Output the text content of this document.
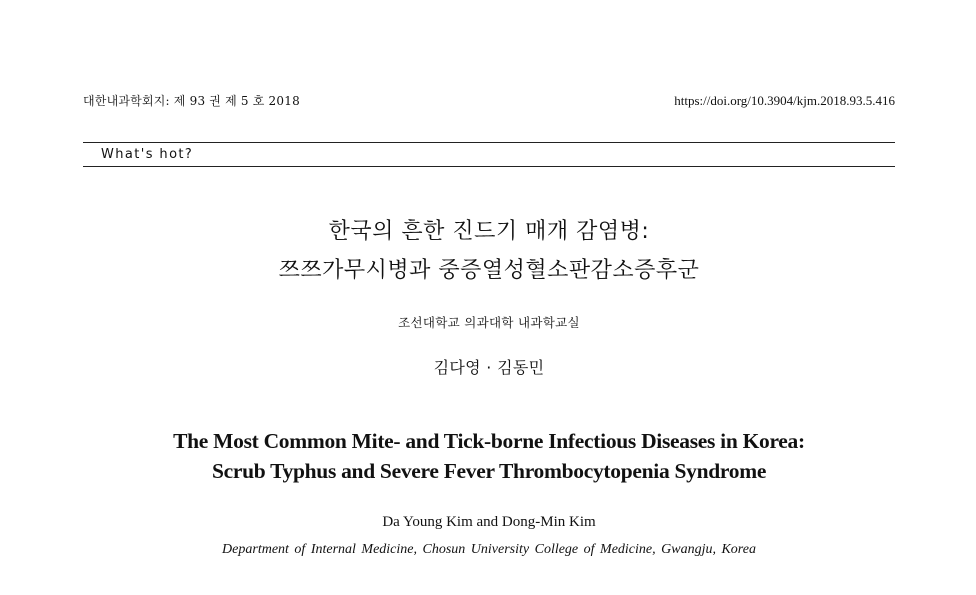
대한내과학회지: 제 93 권 제 5 호 2018	https://doi.org/10.3904/kjm.2018.93.5.416
What's hot?
한국의 흔한 진드기 매개 감염병:
쯔쯔가무시병과 중증열성혈소판감소증후군
조선대학교 의과대학 내과학교실
김다영 · 김동민
The Most Common Mite- and Tick-borne Infectious Diseases in Korea:
Scrub Typhus and Severe Fever Thrombocytopenia Syndrome
Da Young Kim and Dong-Min Kim
Department of Internal Medicine, Chosun University College of Medicine, Gwangju, Korea
